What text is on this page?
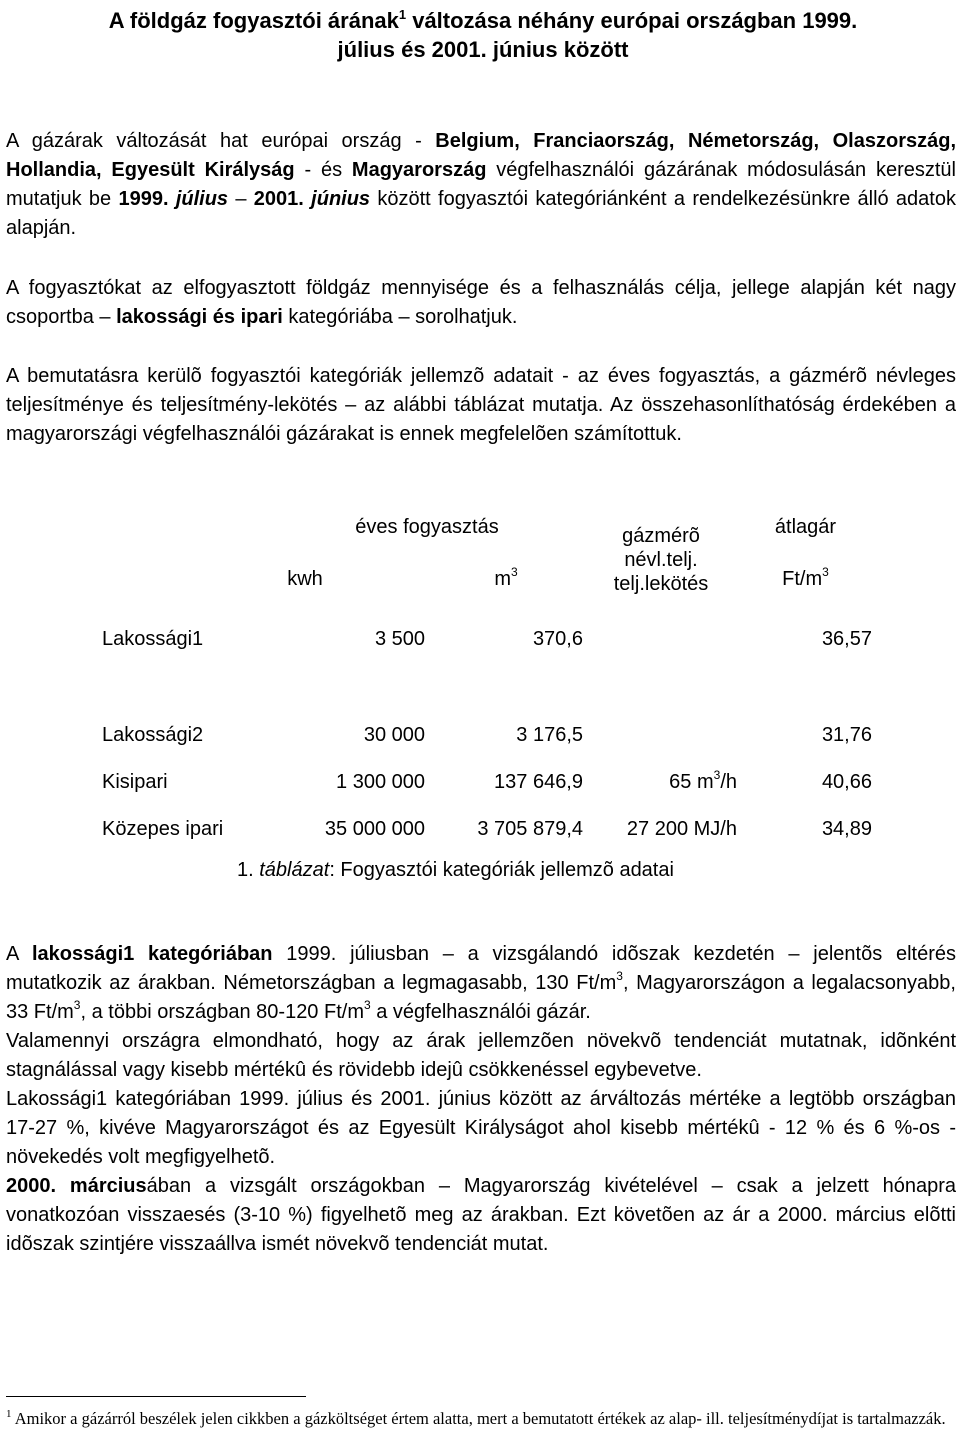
A földgáz fogyasztói árának$^1$ változása néhány európai országban 1999.
július és 2001. június között

A gázárak változását hat európai ország - Belgium, Franciaország, Németország, Olaszország, Hollandia, Egyesült Királyság - és Magyarország végfelhasználói gázárának módosulásán keresztül mutatjuk be 1999. július – 2001. június között fogyasztói kategóriánként a rendelkezésünkre álló adatok alapján.

A fogyasztókat az elfogyasztott földgáz mennyisége és a felhasználás célja, jellege alapján két nagy csoportba – lakossági és ipari kategóriába – sorolhatjuk.

A bemutatásra kerülõ fogyasztói kategóriák jellemzõ adatait - az éves fogyasztás, a gázmérõ névleges teljesítménye és teljesítmény-lekötés – az alábbi táblázat mutatja. Az összehasonlíthatóság érdekében a magyarországi végfelhasználói gázárakat is ennek megfelelõen számítottuk.

	éves fogyasztás		gázmérõ
névl.telj.
telj.lekötés	átlagár
	kwh	$m^3$		$Ft/m^3$
Lakossági1	3 500	370,6		36,57
Lakossági2	30 000	3 176,5		31,76
Kisipari	1 300 000	137 646,9	65 $m^3/h$	40,66
Közepes ipari	35 000 000	3 705 879,4	27 200 MJ/h	34,89
1. táblázat: Fogyasztói kategóriák jellemzõ adatai

A lakossági1 kategóriában 1999. júliusban – a vizsgálandó idõszak kezdetén – jelentõs eltérés mutatkozik az árakban. Németországban a legmagasabb, 130 $Ft/m^3$, Magyarországon a legalacsonyabb, 33 $Ft/m^3$, a többi országban 80-120 $Ft/m^3$ a végfelhasználói gázár.

Valamennyi országra elmondható, hogy az árak jellemzõen növekvõ tendenciát mutatnak, idõnként stagnálással vagy kisebb mértékû és rövidebb idejû csökkenéssel egybevetve.

Lakossági1 kategóriában 1999. július és 2001. június között az árváltozás mértéke a legtöbb országban 17-27 %, kivéve Magyarországot és az Egyesült Királyságot ahol kisebb mértékû - 12 % és 6 %-os - növekedés volt megfigyelhetõ.

2000. márciusában a vizsgált országokban – Magyarország kivételével – csak a jelzett hónapra vonatkozóan visszaesés (3-10 %) figyelhetõ meg az árakban. Ezt követõen az ár a 2000. március elõtti idõszak szintjére visszaállva ismét növekvõ tendenciát mutat.

$^1$ Amikor a gázárról beszélek jelen cikkben a gázköltséget értem alatta, mert a bemutatott értékek az alap- ill. teljesítménydíjat is tartalmazzák.
